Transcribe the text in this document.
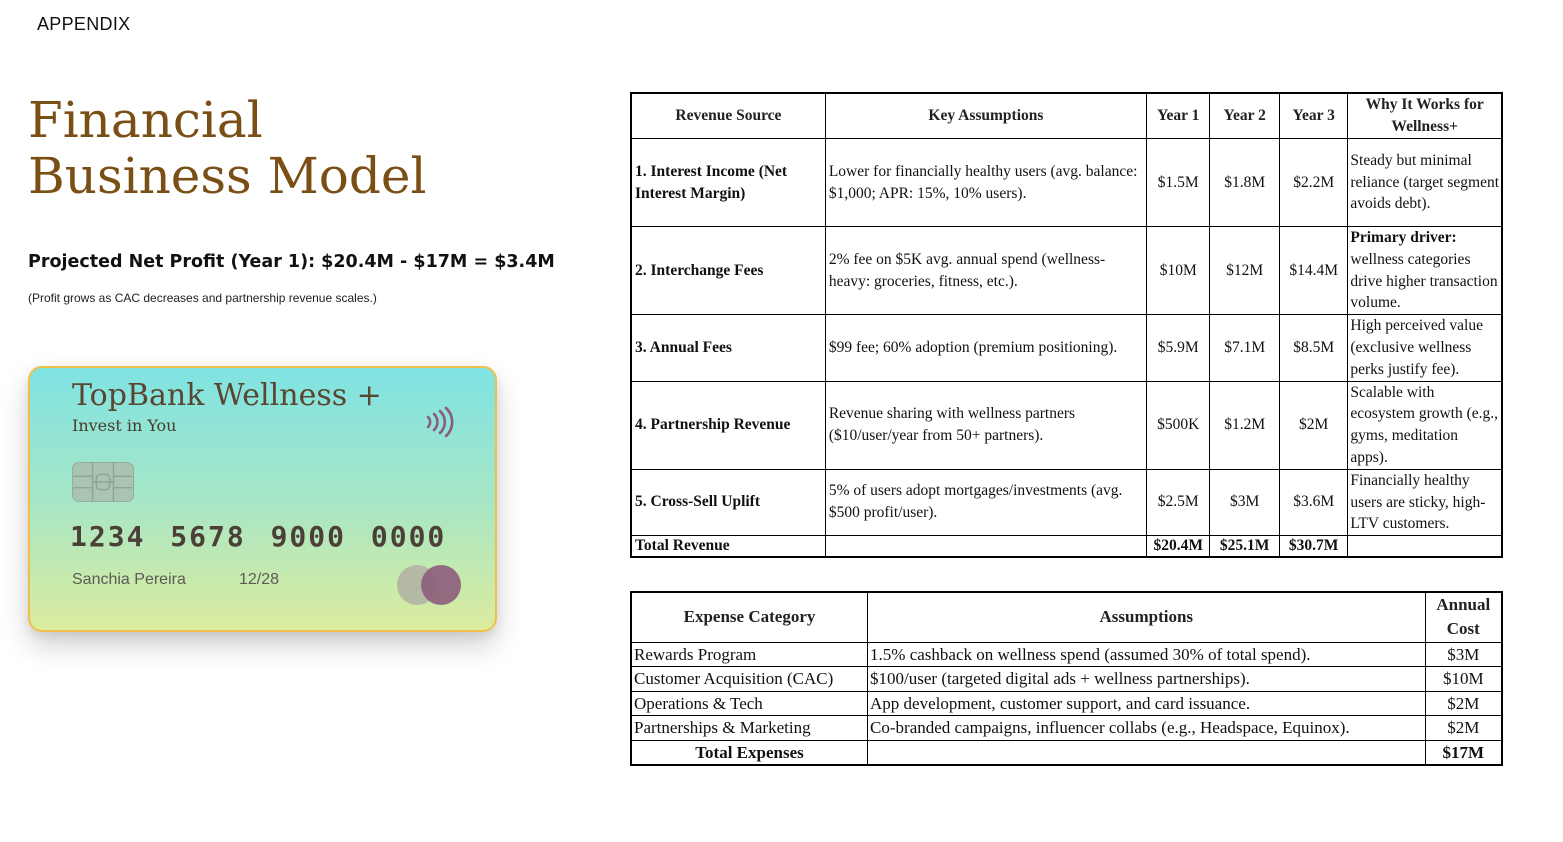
APPENDIX
Financial
Business Model
Projected Net Profit (Year 1): $20.4M - $17M = $3.4M
(Profit grows as CAC decreases and partnership revenue scales.)
TopBank Wellness +
Invest in You
1234 5678 9000 0000
Sanchia Pereira	12/28
Revenue Source	Key Assumptions	Year 1	Year 2	Year 3	Why It Works for Wellness+
1. Interest Income (Net Interest Margin)	Lower for financially healthy users (avg. balance: $1,000; APR: 15%, 10% users).	$1.5M	$1.8M	$2.2M	Steady but minimal reliance (target segment avoids debt).
2. Interchange Fees	2% fee on $5K avg. annual spend (wellness-heavy: groceries, fitness, etc.).	$10M	$12M	$14.4M	Primary driver: wellness categories drive higher transaction volume.
3. Annual Fees	$99 fee; 60% adoption (premium positioning).	$5.9M	$7.1M	$8.5M	High perceived value (exclusive wellness perks justify fee).
4. Partnership Revenue	Revenue sharing with wellness partners ($10/user/year from 50+ partners).	$500K	$1.2M	$2M	Scalable with ecosystem growth (e.g., gyms, meditation apps).
5. Cross-Sell Uplift	5% of users adopt mortgages/investments (avg. $500 profit/user).	$2.5M	$3M	$3.6M	Financially healthy users are sticky, high-LTV customers.
Total Revenue		$20.4M	$25.1M	$30.7M	
Expense Category	Assumptions	Annual Cost
Rewards Program	1.5% cashback on wellness spend (assumed 30% of total spend).	$3M
Customer Acquisition (CAC)	$100/user (targeted digital ads + wellness partnerships).	$10M
Operations & Tech	App development, customer support, and card issuance.	$2M
Partnerships & Marketing	Co-branded campaigns, influencer collabs (e.g., Headspace, Equinox).	$2M
Total Expenses		$17M
